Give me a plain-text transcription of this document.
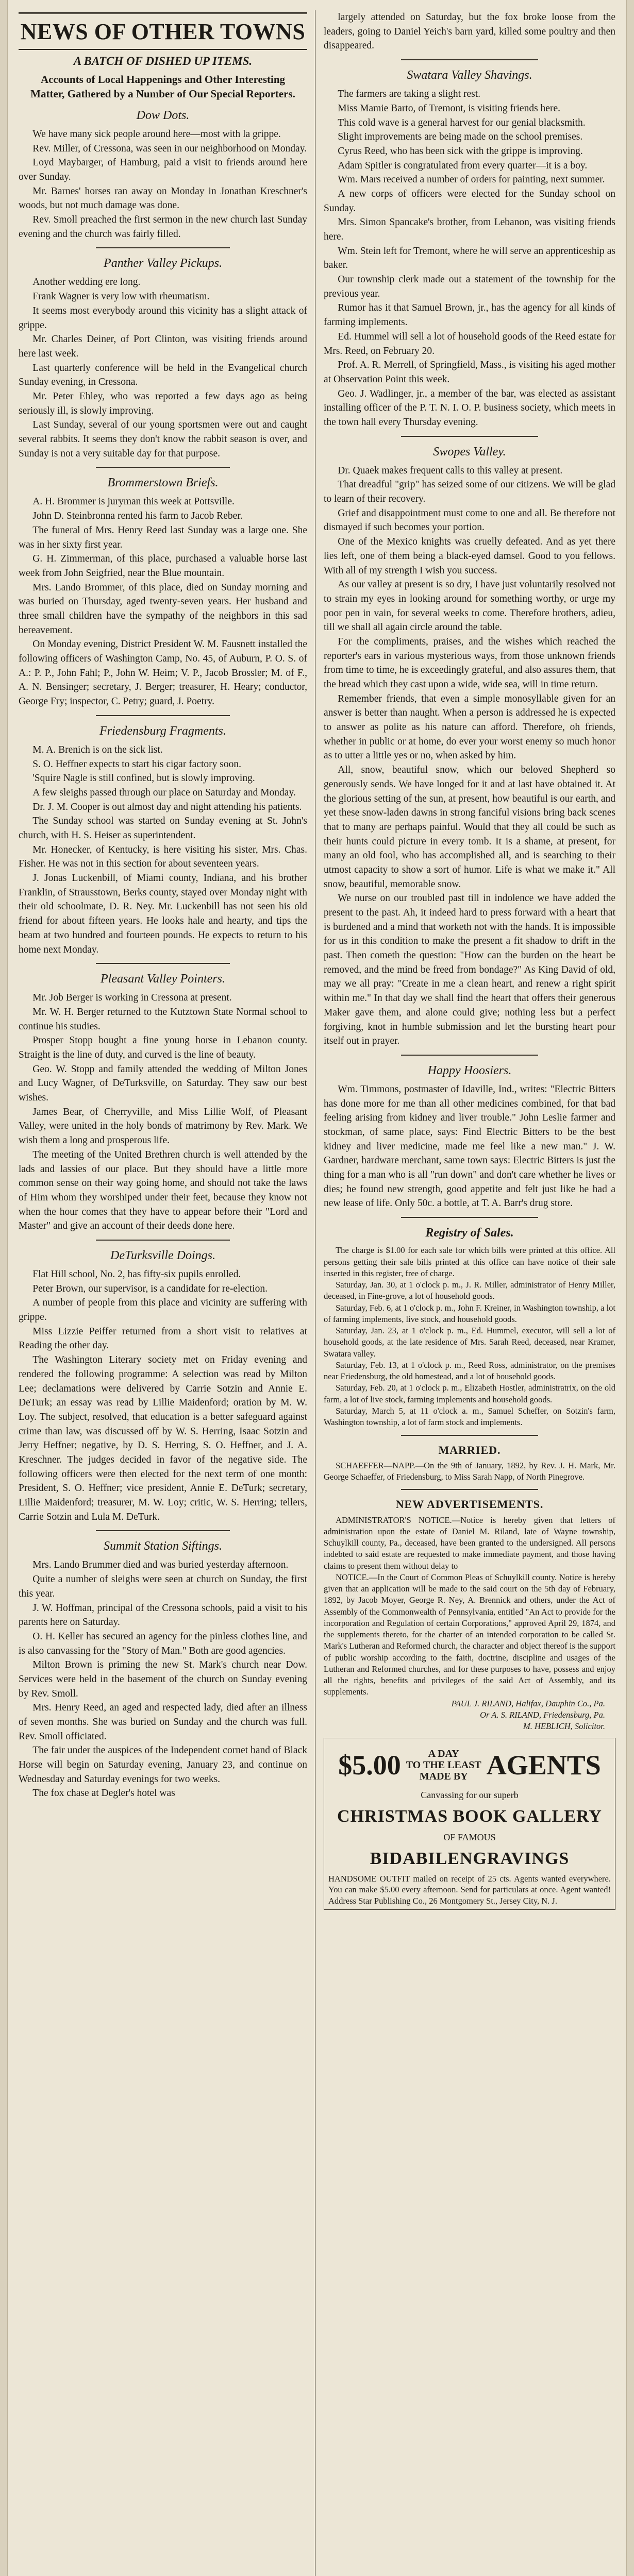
NEWS OF OTHER TOWNS
A BATCH OF DISHED UP ITEMS.
Accounts of Local Happenings and Other Interesting Matter, Gathered by a Number of Our Special Reporters.
Dow Dots.

We have many sick people around here—most with la grippe.

Rev. Miller, of Cressona, was seen in our neighborhood on Monday.

Loyd Maybarger, of Hamburg, paid a visit to friends around here over Sunday.

Mr. Barnes' horses ran away on Monday in Jonathan Kreschner's woods, but not much damage was done.

Rev. Smoll preached the first sermon in the new church last Sunday evening and the church was fairly filled.

Panther Valley Pickups.

Another wedding ere long.

Frank Wagner is very low with rheumatism.

It seems most everybody around this vicinity has a slight attack of grippe.

Mr. Charles Deiner, of Port Clinton, was visiting friends around here last week.

Last quarterly conference will be held in the Evangelical church Sunday evening, in Cressona.

Mr. Peter Ehley, who was reported a few days ago as being seriously ill, is slowly improving.

Last Sunday, several of our young sportsmen were out and caught several rabbits. It seems they don't know the rabbit season is over, and Sunday is not a very suitable day for that purpose.

Brommerstown Briefs.

A. H. Brommer is juryman this week at Pottsville.

John D. Steinbronna rented his farm to Jacob Reber.

The funeral of Mrs. Henry Reed last Sunday was a large one. She was in her sixty first year.

G. H. Zimmerman, of this place, purchased a valuable horse last week from John Seigfried, near the Blue mountain.

Mrs. Lando Brommer, of this place, died on Sunday morning and was buried on Thursday, aged twenty-seven years. Her husband and three small children have the sympathy of the neighbors in this sad bereavement.

On Monday evening, District President W. M. Fausnett installed the following officers of Washington Camp, No. 45, of Auburn, P. O. S. of A.: P. P., John Fahl; P., John W. Heim; V. P., Jacob Brossler; M. of F., A. N. Bensinger; secretary, J. Berger; treasurer, H. Heary; conductor, George Fry; inspector, C. Petry; guard, J. Poetry.

Friedensburg Fragments.

M. A. Brenich is on the sick list.

S. O. Heffner expects to start his cigar factory soon.

'Squire Nagle is still confined, but is slowly improving.

A few sleighs passed through our place on Saturday and Monday.

Dr. J. M. Cooper is out almost day and night attending his patients.

The Sunday school was started on Sunday evening at St. John's church, with H. S. Heiser as superintendent.

Mr. Honecker, of Kentucky, is here visiting his sister, Mrs. Chas. Fisher. He was not in this section for about seventeen years.

J. Jonas Luckenbill, of Miami county, Indiana, and his brother Franklin, of Strausstown, Berks county, stayed over Monday night with their old schoolmate, D. R. Ney. Mr. Luckenbill has not seen his old friend for about fifteen years. He looks hale and hearty, and tips the beam at two hundred and fourteen pounds. He expects to return to his home next Monday.

Pleasant Valley Pointers.

Mr. Job Berger is working in Cressona at present.

Mr. W. H. Berger returned to the Kutztown State Normal school to continue his studies.

Prosper Stopp bought a fine young horse in Lebanon county. Straight is the line of duty, and curved is the line of beauty.

Geo. W. Stopp and family attended the wedding of Milton Jones and Lucy Wagner, of DeTurksville, on Saturday. They saw our best wishes.

James Bear, of Cherryville, and Miss Lillie Wolf, of Pleasant Valley, were united in the holy bonds of matrimony by Rev. Mark. We wish them a long and prosperous life.

The meeting of the United Brethren church is well attended by the lads and lassies of our place. But they should have a little more common sense on their way going home, and should not take the laws of Him whom they worshiped under their feet, because they know not when the hour comes that they have to appear before their "Lord and Master" and give an account of their deeds done here.

DeTurksville Doings.

Flat Hill school, No. 2, has fifty-six pupils enrolled.

Peter Brown, our supervisor, is a candidate for re-election.

A number of people from this place and vicinity are suffering with grippe.

Miss Lizzie Peiffer returned from a short visit to relatives at Reading the other day.

The Washington Literary society met on Friday evening and rendered the following programme: A selection was read by Milton Lee; declamations were delivered by Carrie Sotzin and Annie E. DeTurk; an essay was read by Lillie Maidenford; oration by M. W. Loy. The subject, resolved, that education is a better safeguard against crime than law, was discussed off by W. S. Herring, Isaac Sotzin and Jerry Heffner; negative, by D. S. Herring, S. O. Heffner, and J. A. Kreschner. The judges decided in favor of the negative side. The following officers were then elected for the next term of one month: President, S. O. Heffner; vice president, Annie E. DeTurk; secretary, Lillie Maidenford; treasurer, M. W. Loy; critic, W. S. Herring; tellers, Carrie Sotzin and Lula M. DeTurk.

Summit Station Siftings.

Mrs. Lando Brummer died and was buried yesterday afternoon.

Quite a number of sleighs were seen at church on Sunday, the first this year.

J. W. Hoffman, principal of the Cressona schools, paid a visit to his parents here on Saturday.

O. H. Keller has secured an agency for the pinless clothes line, and is also canvassing for the "Story of Man." Both are good agencies.

Milton Brown is priming the new St. Mark's church near Dow. Services were held in the basement of the church on Sunday evening by Rev. Smoll.

Mrs. Henry Reed, an aged and respected lady, died after an illness of seven months. She was buried on Sunday and the church was full. Rev. Smoll officiated.

The fair under the auspices of the Independent cornet band of Black Horse will begin on Saturday evening, January 23, and continue on Wednesday and Saturday evenings for two weeks.

The fox chase at Degler's hotel was

largely attended on Saturday, but the fox broke loose from the leaders, going to Daniel Yeich's barn yard, killed some poultry and then disappeared.

Swatara Valley Shavings.

The farmers are taking a slight rest.

Miss Mamie Barto, of Tremont, is visiting friends here.

This cold wave is a general harvest for our genial blacksmith.

Slight improvements are being made on the school premises.

Cyrus Reed, who has been sick with the grippe is improving.

Adam Spitler is congratulated from every quarter—it is a boy.

Wm. Mars received a number of orders for painting, next summer.

A new corps of officers were elected for the Sunday school on Sunday.

Mrs. Simon Spancake's brother, from Lebanon, was visiting friends here.

Wm. Stein left for Tremont, where he will serve an apprenticeship as baker.

Our township clerk made out a statement of the township for the previous year.

Rumor has it that Samuel Brown, jr., has the agency for all kinds of farming implements.

Ed. Hummel will sell a lot of household goods of the Reed estate for Mrs. Reed, on February 20.

Prof. A. R. Merrell, of Springfield, Mass., is visiting his aged mother at Observation Point this week.

Geo. J. Wadlinger, jr., a member of the bar, was elected as assistant installing officer of the P. T. N. I. O. P. business society, which meets in the town hall every Thursday evening.

Swopes Valley.

Dr. Quaek makes frequent calls to this valley at present.

That dreadful "grip" has seized some of our citizens. We will be glad to learn of their recovery.

Grief and disappointment must come to one and all. Be therefore not dismayed if such becomes your portion.

One of the Mexico knights was cruelly defeated. And as yet there lies left, one of them being a black-eyed damsel. Good to you fellows. With all of my strength I wish you success.

As our valley at present is so dry, I have just voluntarily resolved not to strain my eyes in looking around for something worthy, or urge my poor pen in vain, for several weeks to come. Therefore brothers, adieu, till we shall all again circle around the table.

For the compliments, praises, and the wishes which reached the reporter's ears in various mysterious ways, from those unknown friends from time to time, he is exceedingly grateful, and also assures them, that the bread which they cast upon a wide, wide sea, will in time return.

Remember friends, that even a simple monosyllable given for an answer is better than naught. When a person is addressed he is expected to answer as polite as his nature can afford. Therefore, oh friends, whether in public or at home, do ever your worst enemy so much honor as to utter a little yes or no, when asked by him.

All, snow, beautiful snow, which our beloved Shepherd so generously sends. We have longed for it and at last have obtained it. At the glorious setting of the sun, at present, how beautiful is our earth, and yet these snow-laden dawns in strong fanciful visions bring back scenes that to many are perhaps painful. Would that they all could be such as their hunts could picture in every tomb. It is a shame, at present, for many an old fool, who has accomplished all, and is searching to their utmost capacity to show a sort of humor. Life is what we make it." All snow, beautiful, memorable snow.

We nurse on our troubled past till in indolence we have added the present to the past. Ah, it indeed hard to press forward with a heart that is burdened and a mind that worketh not with the hands. It is impossible for us in this condition to make the present a fit shadow to drift in the past. Then cometh the question: "How can the burden on the heart be removed, and the mind be freed from bondage?" As King David of old, may we all pray: "Create in me a clean heart, and renew a right spirit within me." In that day we shall find the heart that offers their generous Maker gave them, and alone could give; nothing less but a perfect forgiving, knot in humble submission and let the bursting heart pour itself out in prayer.

Happy Hoosiers.

Wm. Timmons, postmaster of Idaville, Ind., writes: "Electric Bitters has done more for me than all other medicines combined, for that bad feeling arising from kidney and liver trouble." John Leslie farmer and stockman, of same place, says: Find Electric Bitters to be the best kidney and liver medicine, made me feel like a new man." J. W. Gardner, hardware merchant, same town says: Electric Bitters is just the thing for a man who is all "run down" and don't care whether he lives or dies; he found new strength, good appetite and felt just like he had a new lease of life. Only 50c. a bottle, at T. A. Barr's drug store.

Registry of Sales.

The charge is $1.00 for each sale for which bills were printed at this office. All persons getting their sale bills printed at this office can have notice of their sale inserted in this register, free of charge.

Saturday, Jan. 30, at 1 o'clock p. m., J. R. Miller, administrator of Henry Miller, deceased, in Fine-grove, a lot of household goods.

Saturday, Feb. 6, at 1 o'clock p. m., John F. Kreiner, in Washington township, a lot of farming implements, live stock, and household goods.

Saturday, Jan. 23, at 1 o'clock p. m., Ed. Hummel, executor, will sell a lot of household goods, at the late residence of Mrs. Sarah Reed, deceased, near Kramer, Swatara valley.

Saturday, Feb. 13, at 1 o'clock p. m., Reed Ross, administrator, on the premises near Friedensburg, the old homestead, and a lot of household goods.

Saturday, Feb. 20, at 1 o'clock p. m., Elizabeth Hostler, administratrix, on the old farm, a lot of live stock, farming implements and household goods.

Saturday, March 5, at 11 o'clock a. m., Samuel Scheffer, on Sotzin's farm, Washington township, a lot of farm stock and implements.

MARRIED.

SCHAEFFER—NAPP.—On the 9th of January, 1892, by Rev. J. H. Mark, Mr. George Schaeffer, of Friedensburg, to Miss Sarah Napp, of North Pinegrove.

NEW ADVERTISEMENTS.

ADMINISTRATOR'S NOTICE.—Notice is hereby given that letters of administration upon the estate of Daniel M. Riland, late of Wayne township, Schuylkill county, Pa., deceased, have been granted to the undersigned. All persons indebted to said estate are requested to make immediate payment, and those having claims to present them without delay to

NOTICE.—In the Court of Common Pleas of Schuylkill county. Notice is hereby given that an application will be made to the said court on the 5th day of February, 1892, by Jacob Moyer, George R. Ney, A. Brennick and others, under the Act of Assembly of the Commonwealth of Pennsylvania, entitled "An Act to provide for the incorporation and Regulation of certain Corporations," approved April 29, 1874, and the supplements thereto, for the charter of an intended corporation to be called St. Mark's Lutheran and Reformed church, the character and object thereof is the support of public worship according to the faith, doctrine, discipline and usages of the Lutheran and Reformed churches, and for these purposes to have, possess and enjoy all the rights, benefits and privileges of the said Act of Assembly, and its supplements.

PAUL J. RILAND, Halifax, Dauphin Co., Pa.
Or A. S. RILAND, Friedensburg, Pa.
M. HEBLICH, Solicitor.
$5.00	A DAY
TO THE LEAST
MADE BY AGENTS
Canvassing for our superb
CHRISTMAS BOOK GALLERY
OF FAMOUS
BIDABILENGRAVINGS
HANDSOME OUTFIT mailed on receipt of 25 cts. Agents wanted everywhere. You can make $5.00 every afternoon. Send for particulars at once. Agent wanted! Address Star Publishing Co., 26 Montgomery St., Jersey City, N. J.
